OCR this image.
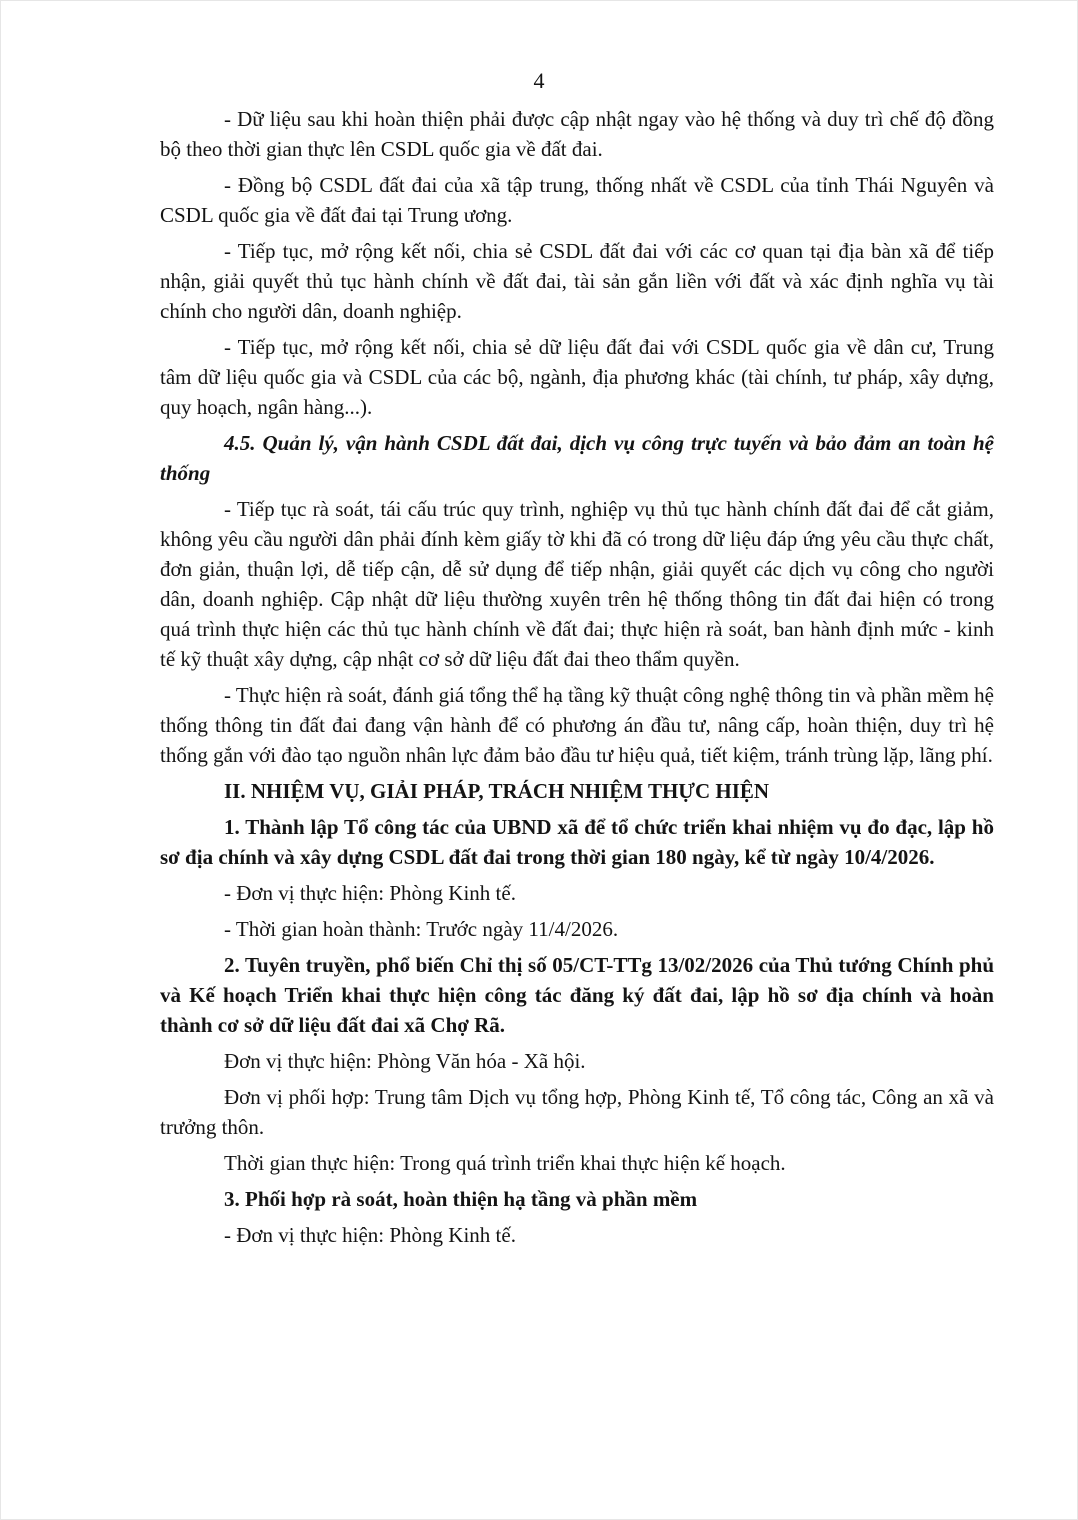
4

- Dữ liệu sau khi hoàn thiện phải được cập nhật ngay vào hệ thống và duy trì chế độ đồng bộ theo thời gian thực lên CSDL quốc gia về đất đai.

- Đồng bộ CSDL đất đai của xã tập trung, thống nhất về CSDL của tỉnh Thái Nguyên và CSDL quốc gia về đất đai tại Trung ương.

- Tiếp tục, mở rộng kết nối, chia sẻ CSDL đất đai với các cơ quan tại địa bàn xã để tiếp nhận, giải quyết thủ tục hành chính về đất đai, tài sản gắn liền với đất và xác định nghĩa vụ tài chính cho người dân, doanh nghiệp.

- Tiếp tục, mở rộng kết nối, chia sẻ dữ liệu đất đai với CSDL quốc gia về dân cư, Trung tâm dữ liệu quốc gia và CSDL của các bộ, ngành, địa phương khác (tài chính, tư pháp, xây dựng, quy hoạch, ngân hàng...).

4.5. Quản lý, vận hành CSDL đất đai, dịch vụ công trực tuyến và bảo đảm an toàn hệ thống

- Tiếp tục rà soát, tái cấu trúc quy trình, nghiệp vụ thủ tục hành chính đất đai để cắt giảm, không yêu cầu người dân phải đính kèm giấy tờ khi đã có trong dữ liệu đáp ứng yêu cầu thực chất, đơn giản, thuận lợi, dễ tiếp cận, dễ sử dụng để tiếp nhận, giải quyết các dịch vụ công cho người dân, doanh nghiệp. Cập nhật dữ liệu thường xuyên trên hệ thống thông tin đất đai hiện có trong quá trình thực hiện các thủ tục hành chính về đất đai; thực hiện rà soát, ban hành định mức - kinh tế kỹ thuật xây dựng, cập nhật cơ sở dữ liệu đất đai theo thẩm quyền.

- Thực hiện rà soát, đánh giá tổng thể hạ tầng kỹ thuật công nghệ thông tin và phần mềm hệ thống thông tin đất đai đang vận hành để có phương án đầu tư, nâng cấp, hoàn thiện, duy trì hệ thống gắn với đào tạo nguồn nhân lực đảm bảo đầu tư hiệu quả, tiết kiệm, tránh trùng lặp, lãng phí.

II. NHIỆM VỤ, GIẢI PHÁP, TRÁCH NHIỆM THỰC HIỆN

1. Thành lập Tổ công tác của UBND xã để tổ chức triển khai nhiệm vụ đo đạc, lập hồ sơ địa chính và xây dựng CSDL đất đai trong thời gian 180 ngày, kể từ ngày 10/4/2026.

- Đơn vị thực hiện: Phòng Kinh tế.

- Thời gian hoàn thành: Trước ngày 11/4/2026.

2. Tuyên truyền, phổ biến Chỉ thị số 05/CT-TTg 13/02/2026 của Thủ tướng Chính phủ và Kế hoạch Triển khai thực hiện công tác đăng ký đất đai, lập hồ sơ địa chính và hoàn thành cơ sở dữ liệu đất đai xã Chợ Rã.

Đơn vị thực hiện: Phòng Văn hóa - Xã hội.

Đơn vị phối hợp: Trung tâm Dịch vụ tổng hợp, Phòng Kinh tế, Tổ công tác, Công an xã và trưởng thôn.

Thời gian thực hiện: Trong quá trình triển khai thực hiện kế hoạch.

3. Phối hợp rà soát, hoàn thiện hạ tầng và phần mềm

- Đơn vị thực hiện: Phòng Kinh tế.
